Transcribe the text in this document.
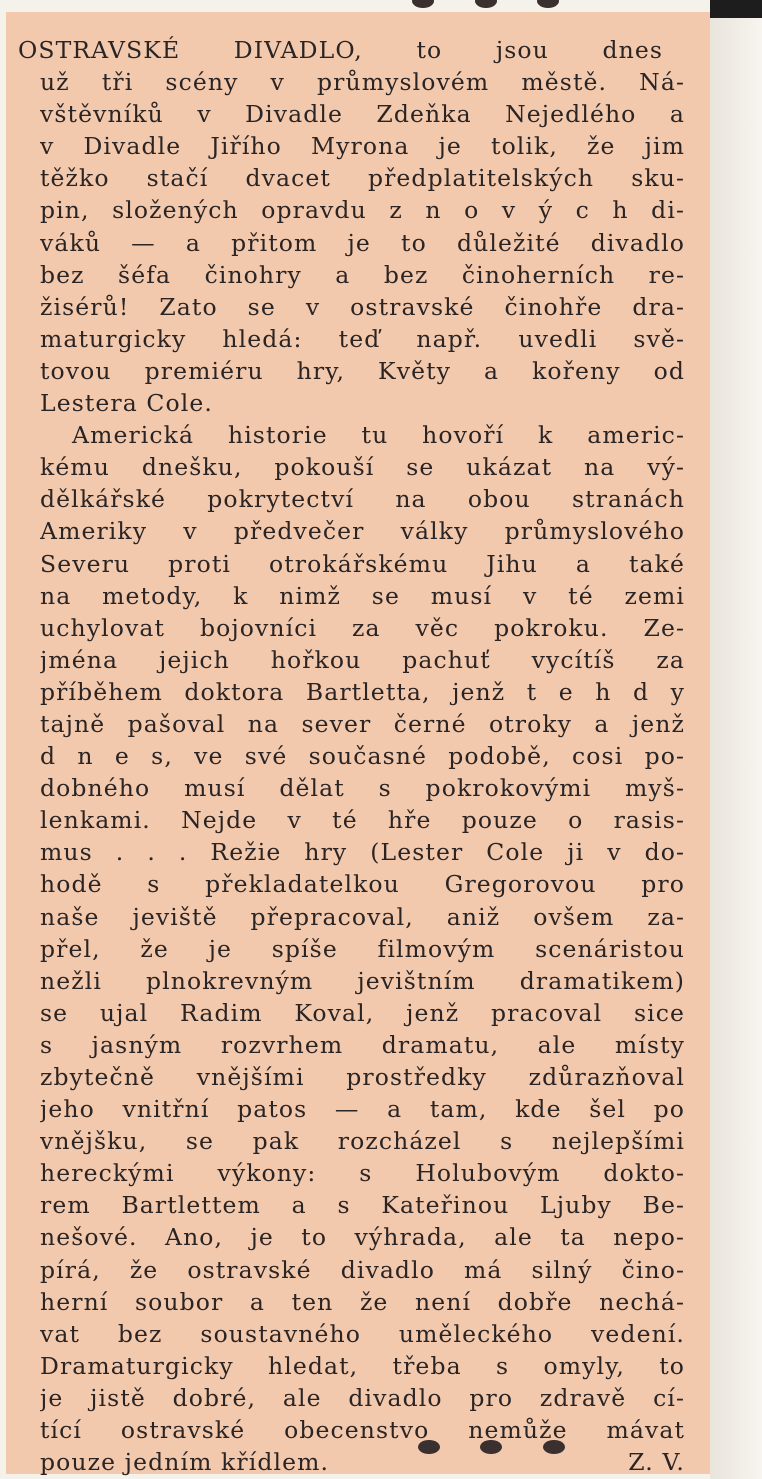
OSTRAVSKÉ DIVADLO, to jsou dnes
už tři scény v průmyslovém městě. Ná-
vštěvníků v Divadle Zdeňka Nejedlého a
v Divadle Jiřího Myrona je tolik, že jim
těžko stačí dvacet předplatitelských sku-
pin, složených opravdu z n o v ý c h di-
váků — a přitom je to důležité divadlo
bez šéfa činohry a bez činoherních re-
žisérů! Zato se v ostravské činohře dra-
maturgicky hledá: teď např. uvedli svě-
tovou premiéru hry, Květy a kořeny od
Lestera Cole.
Americká historie tu hovoří k americ-
kému dnešku, pokouší se ukázat na vý-
dělkářské pokrytectví na obou stranách
Ameriky v předvečer války průmyslového
Severu proti otrokářskému Jihu a také
na metody, k nimž se musí v té zemi
uchylovat bojovníci za věc pokroku. Ze-
jména jejich hořkou pachuť vycítíš za
příběhem doktora Bartletta, jenž t e h d y
tajně pašoval na sever černé otroky a jenž
d n e s, ve své současné podobě, cosi po-
dobného musí dělat s pokrokovými myš-
lenkami. Nejde v té hře pouze o rasis-
mus . . . Režie hry (Lester Cole ji v do-
hodě s překladatelkou Gregorovou pro
naše jeviště přepracoval, aniž ovšem za-
přel, že je spíše filmovým scenáristou
nežli plnokrevným jevištním dramatikem)
se ujal Radim Koval, jenž pracoval sice
s jasným rozvrhem dramatu, ale místy
zbytečně vnějšími prostředky zdůrazňoval
jeho vnitřní patos — a tam, kde šel po
vnějšku, se pak rozcházel s nejlepšími
hereckými výkony: s Holubovým dokto-
rem Bartlettem a s Kateřinou Ljuby Be-
nešové. Ano, je to výhrada, ale ta nepo-
pírá, že ostravské divadlo má silný čino-
herní soubor a ten že není dobře nechá-
vat bez soustavného uměleckého vedení.
Dramaturgicky hledat, třeba s omyly, to
je jistě dobré, ale divadlo pro zdravě cí-
tící ostravské obecenstvo nemůže mávat
pouze jedním křídlem.	Z. V.
